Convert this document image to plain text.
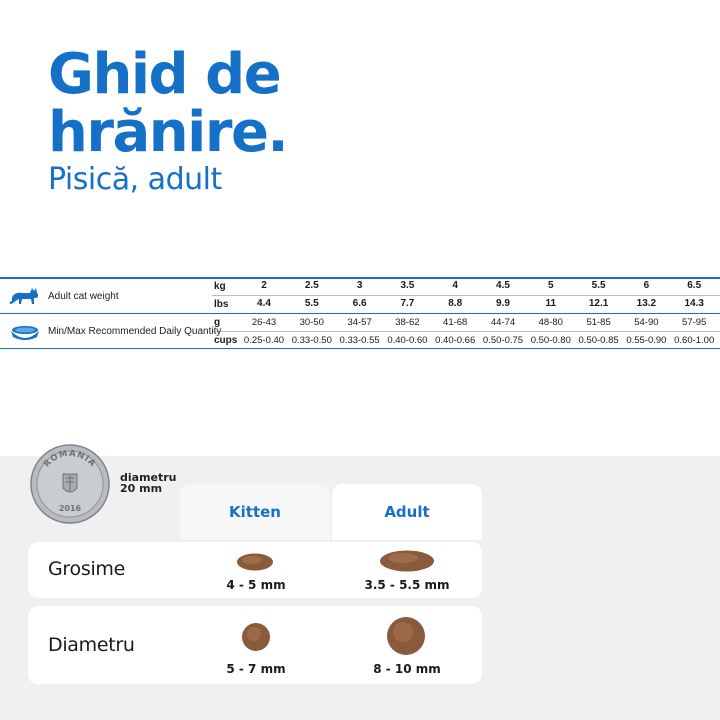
Ghid de
hrănire.
Pisică, adult
Adult cat weight
Min/Max Recommended Daily Quantity
kg
lbs
g
cups
2	2.5	3	3.5	4	4.5	5	5.5	6	6.5
4.4	5.5	6.6	7.7	8.8	9.9	11	12.1	13.2	14.3
26-43	30-50	34-57	38-62	41-68	44-74	48-80	51-85	54-90	57-95
0.25-0.40 0.33-0.50 0.33-0.55 0.40-0.60 0.40-0.66 0.50-0.75 0.50-0.80 0.50-0.85 0.55-0.90 0.60-1.00
ROMANIA
2016
diametru
20 mm
Kitten	Adult
Grosime
Diametru
4 - 5 mm	3.5 - 5.5 mm
5 - 7 mm	8 - 10 mm
